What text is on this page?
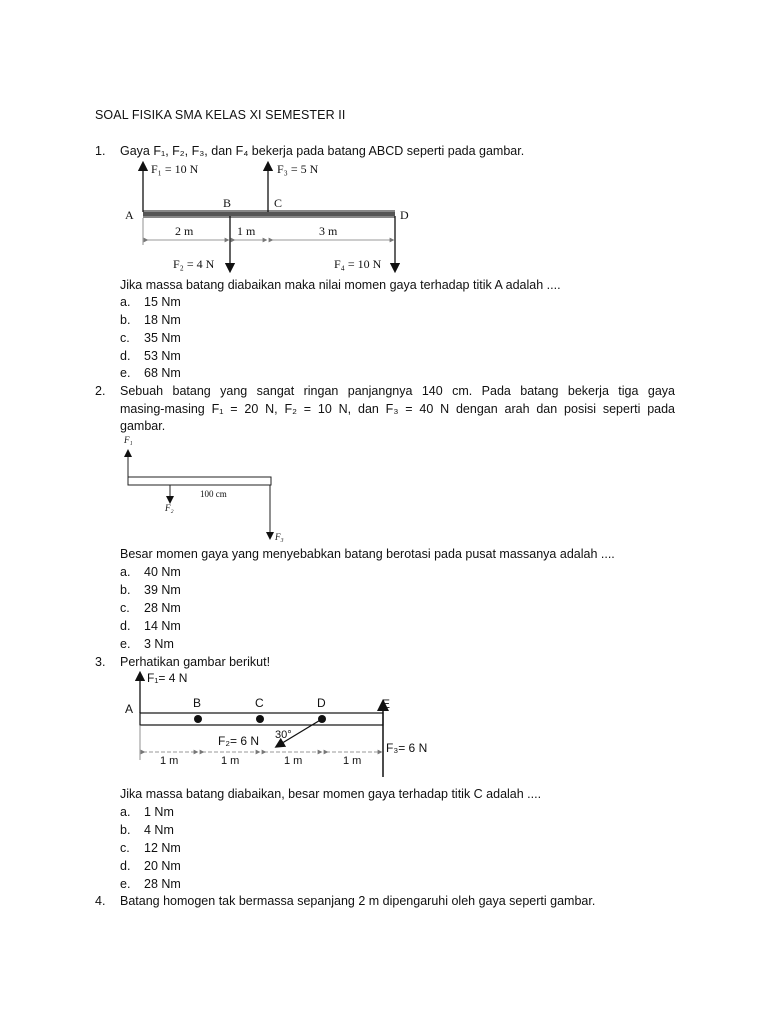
SOAL FISIKA SMA KELAS XI SEMESTER II
1. Gaya F₁, F₂, F₃, dan F₄ bekerja pada batang ABCD seperti pada gambar.
A
B	C
D
F₁ = 10 N	F₃ = 5 N
F₂ = 4 N	F₄ = 10 N
2 m	1 m	3 m
Jika massa batang diabaikan maka nilai momen gaya terhadap titik A adalah ....
a. 15 Nm
b. 18 Nm
c. 35 Nm
d. 53 Nm
e. 68 Nm
2. Sebuah batang yang sangat ringan panjangnya 140 cm. Pada batang bekerja tiga gaya
masing-masing F₁ = 20 N, F₂ = 10 N, dan F₃ = 40 N dengan arah dan posisi seperti pada
gambar.
F₁
F₂
F₃
100 cm
Besar momen gaya yang menyebabkan batang berotasi pada pusat massanya adalah ....
a. 40 Nm
b. 39 Nm
c. 28 Nm
d. 14 Nm
e. 3 Nm
3. Perhatikan gambar berikut!
A	B	C	D	E
F₁= 4 N
F₂= 6 N	F₃= 6 N
30°
1 m	1 m	1 m	1 m
Jika massa batang diabaikan, besar momen gaya terhadap titik C adalah ....
a. 1 Nm
b. 4 Nm
c. 12 Nm
d. 20 Nm
e. 28 Nm
4. Batang homogen tak bermassa sepanjang 2 m dipengaruhi oleh gaya seperti gambar.
